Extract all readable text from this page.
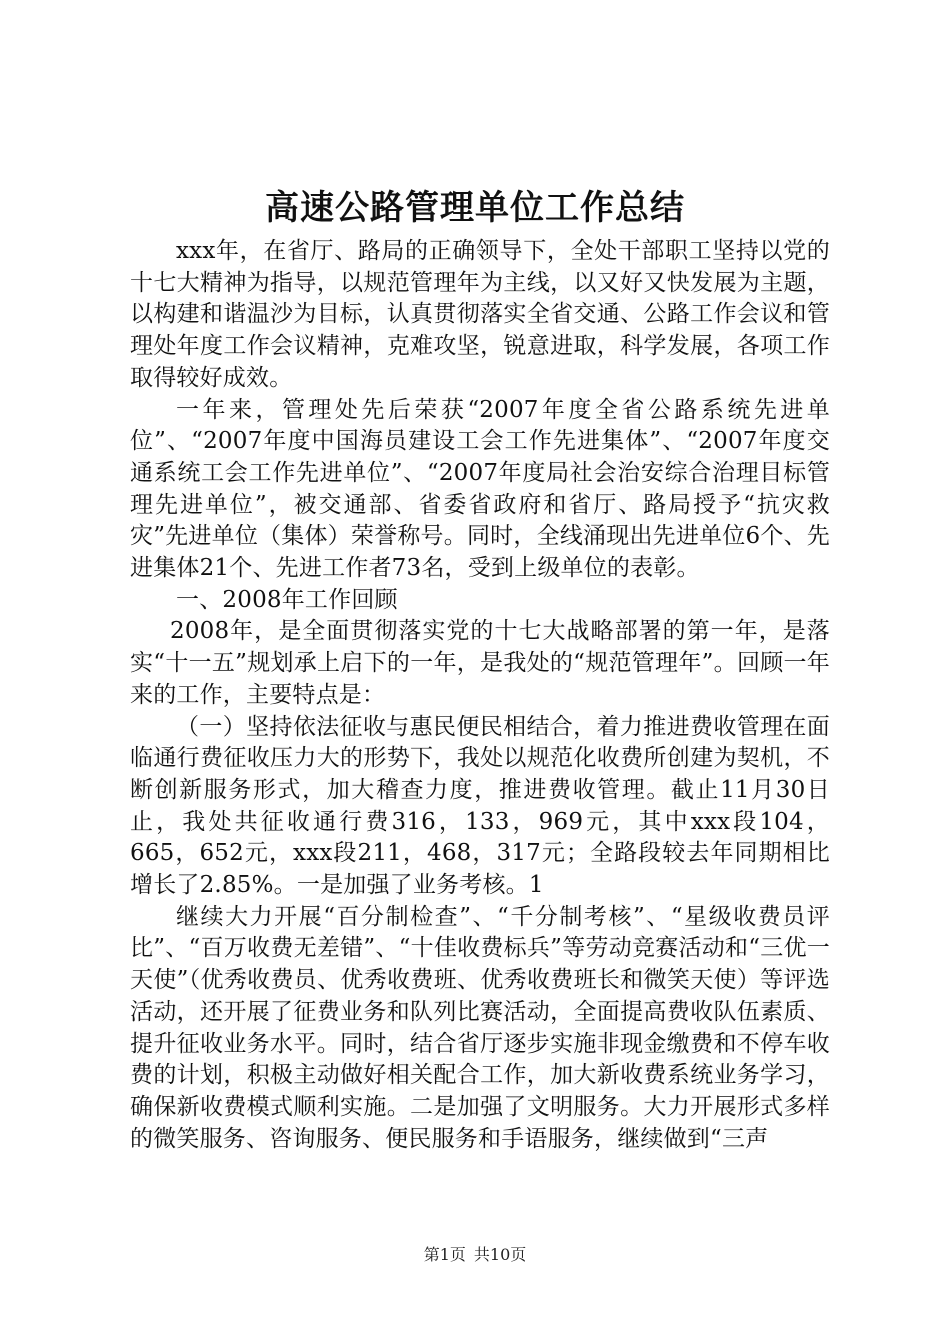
高速公路管理单位工作总结

xxx年，在省厅、路局的正确领导下，全处干部职工坚持以党的十七大精神为指导，以规范管理年为主线，以又好又快发展为主题，以构建和谐温沙为目标，认真贯彻落实全省交通、公路工作会议和管理处年度工作会议精神，克难攻坚，锐意进取，科学发展，各项工作取得较好成效。

一年来，管理处先后荣获“2007年度全省公路系统先进单位”、“2007年度中国海员建设工会工作先进集体”、“2007年度交通系统工会工作先进单位”、“2007年度局社会治安综合治理目标管理先进单位”，被交通部、省委省政府和省厅、路局授予“抗灾救灾”先进单位（集体）荣誉称号。同时，全线涌现出先进单位6个、先进集体21个、先进工作者73名，受到上级单位的表彰。

一、2008年工作回顾

2008年，是全面贯彻落实党的十七大战略部署的第一年，是落实“十一五”规划承上启下的一年，是我处的“规范管理年”。回顾一年来的工作，主要特点是：

（一）坚持依法征收与惠民便民相结合，着力推进费收管理在面临通行费征收压力大的形势下，我处以规范化收费所创建为契机，不断创新服务形式，加大稽查力度，推进费收管理。截止11月30日止，我处共征收通行费316，133，969元，其中xxx段104，665，652元，xxx段211，468，317元；全路段较去年同期相比增长了2.85%。一是加强了业务考核。1

继续大力开展“百分制检查”、“千分制考核”、“星级收费员评比”、“百万收费无差错”、“十佳收费标兵”等劳动竞赛活动和“三优一天使”（优秀收费员、优秀收费班、优秀收费班长和微笑天使）等评选活动，还开展了征费业务和队列比赛活动，全面提高费收队伍素质、提升征收业务水平。同时，结合省厅逐步实施非现金缴费和不停车收费的计划，积极主动做好相关配合工作，加大新收费系统业务学习，确保新收费模式顺利实施。二是加强了文明服务。大力开展形式多样的微笑服务、咨询服务、便民服务和手语服务，继续做到“三声

第1页 共10页
